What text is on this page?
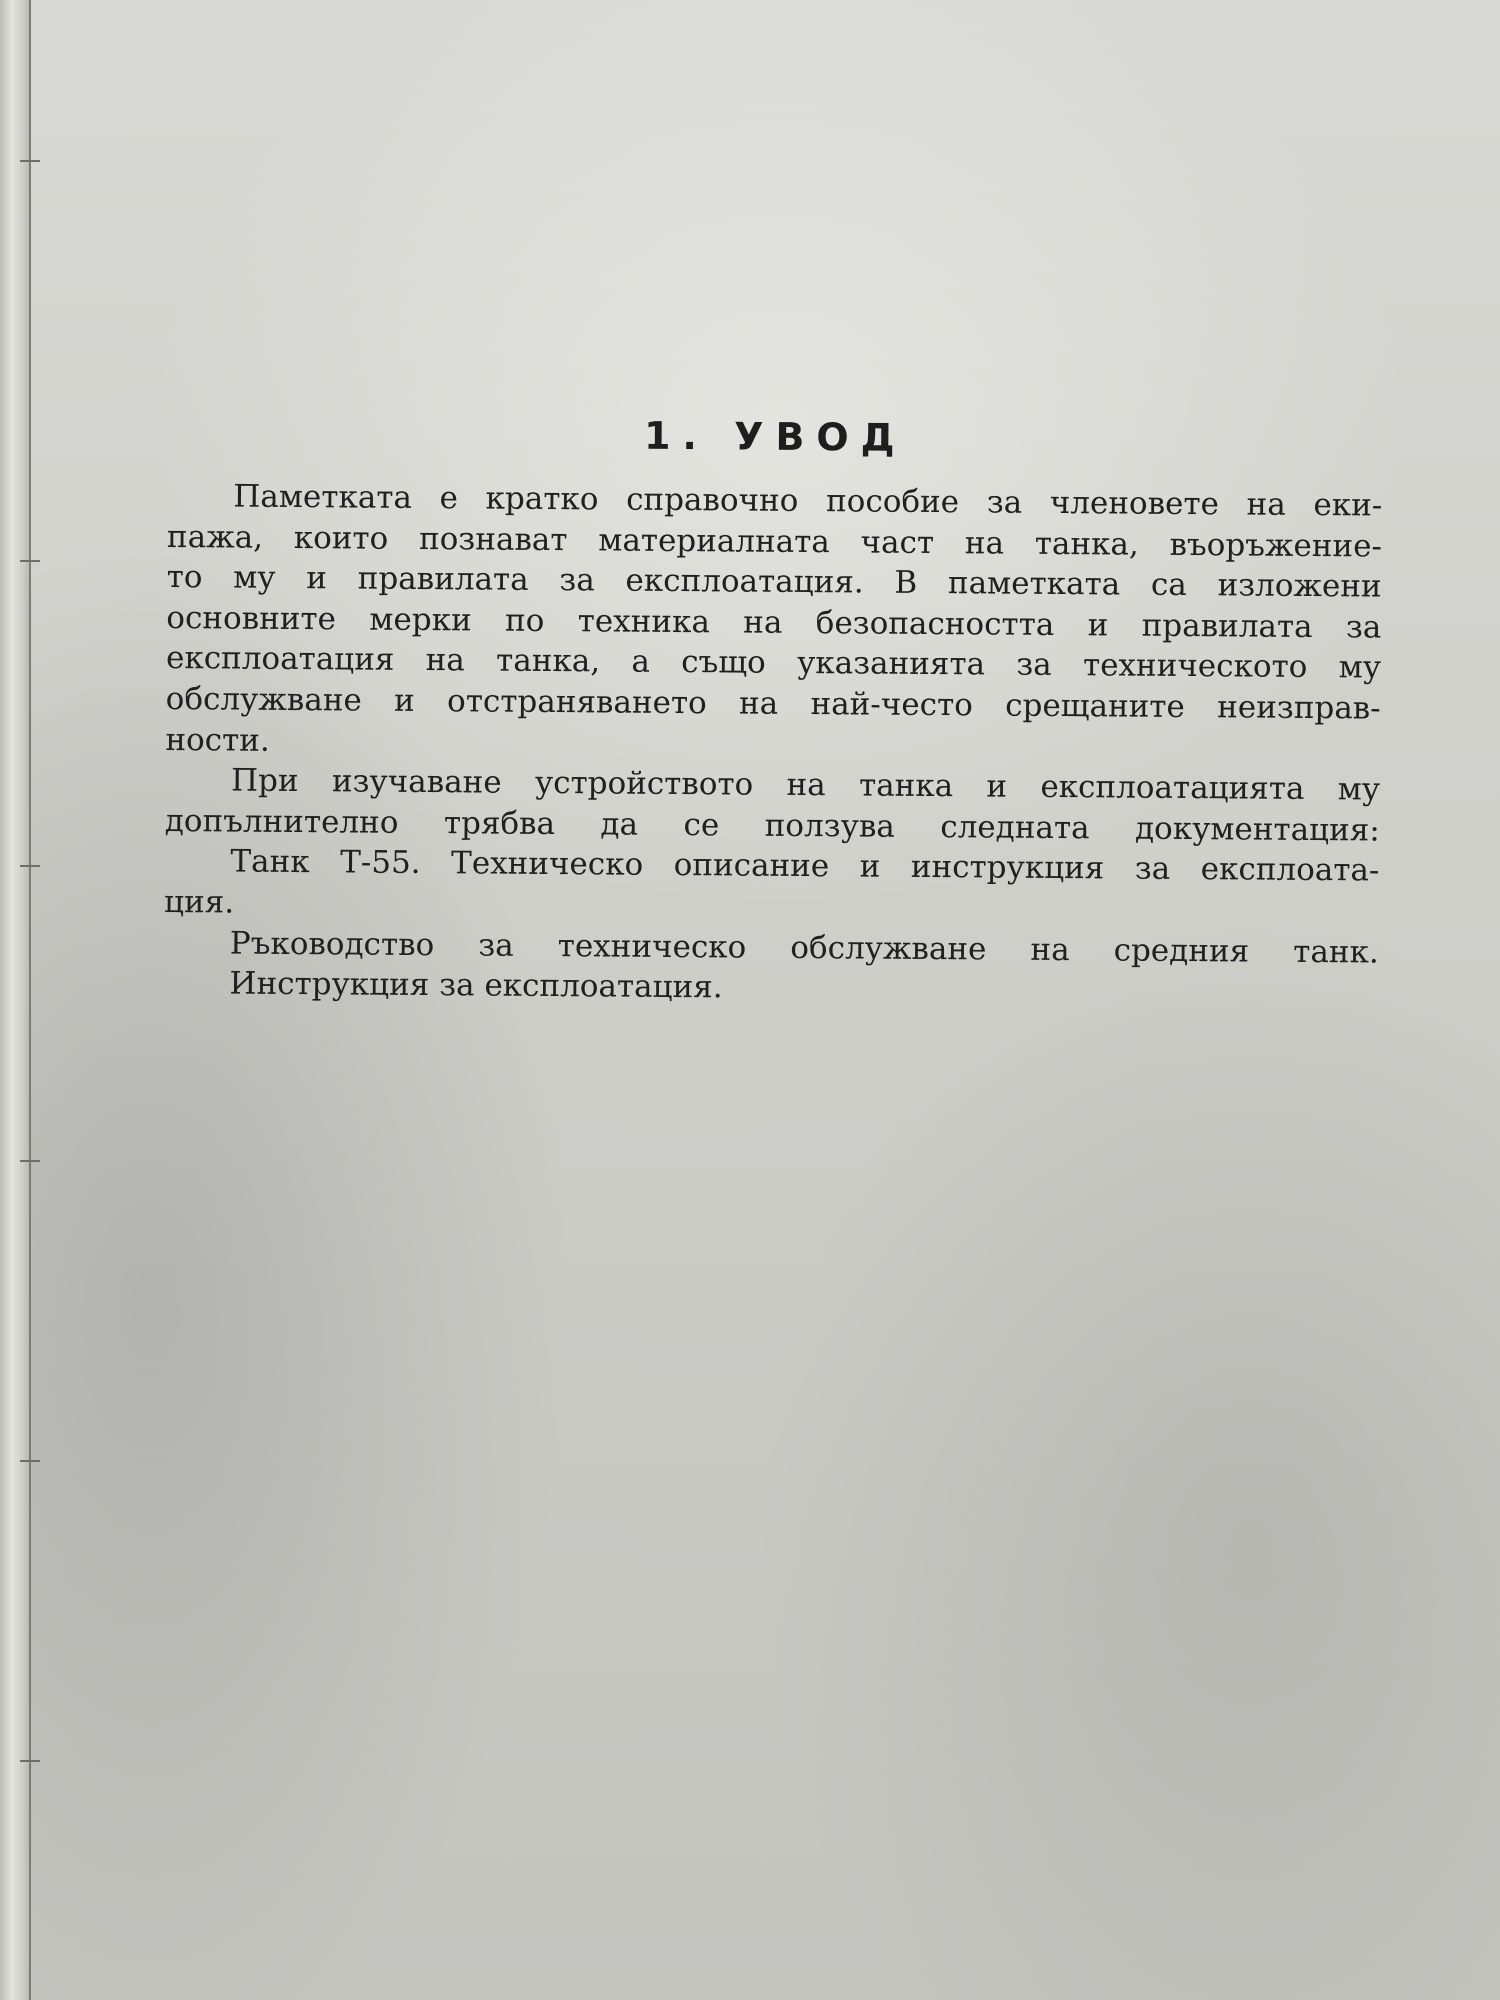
1. УВОД
Паметката е кратко справочно пособие за членовете на еки-
пажа, които познават материалната част на танка, въоръжение-
то му и правилата за експлоатация. В паметката са изложени
основните мерки по техника на безопасността и правилата за
експлоатация на танка, а също указанията за техническото му
обслужване и отстраняването на най-често срещаните неизправ-
ности.
При изучаване устройството на танка и експлоатацията му
допълнително трябва да се ползува следната документация:
Танк Т-55. Техническо описание и инструкция за експлоата-
ция.
Ръководство за техническо обслужване на средния танк.
Инструкция за експлоатация.
